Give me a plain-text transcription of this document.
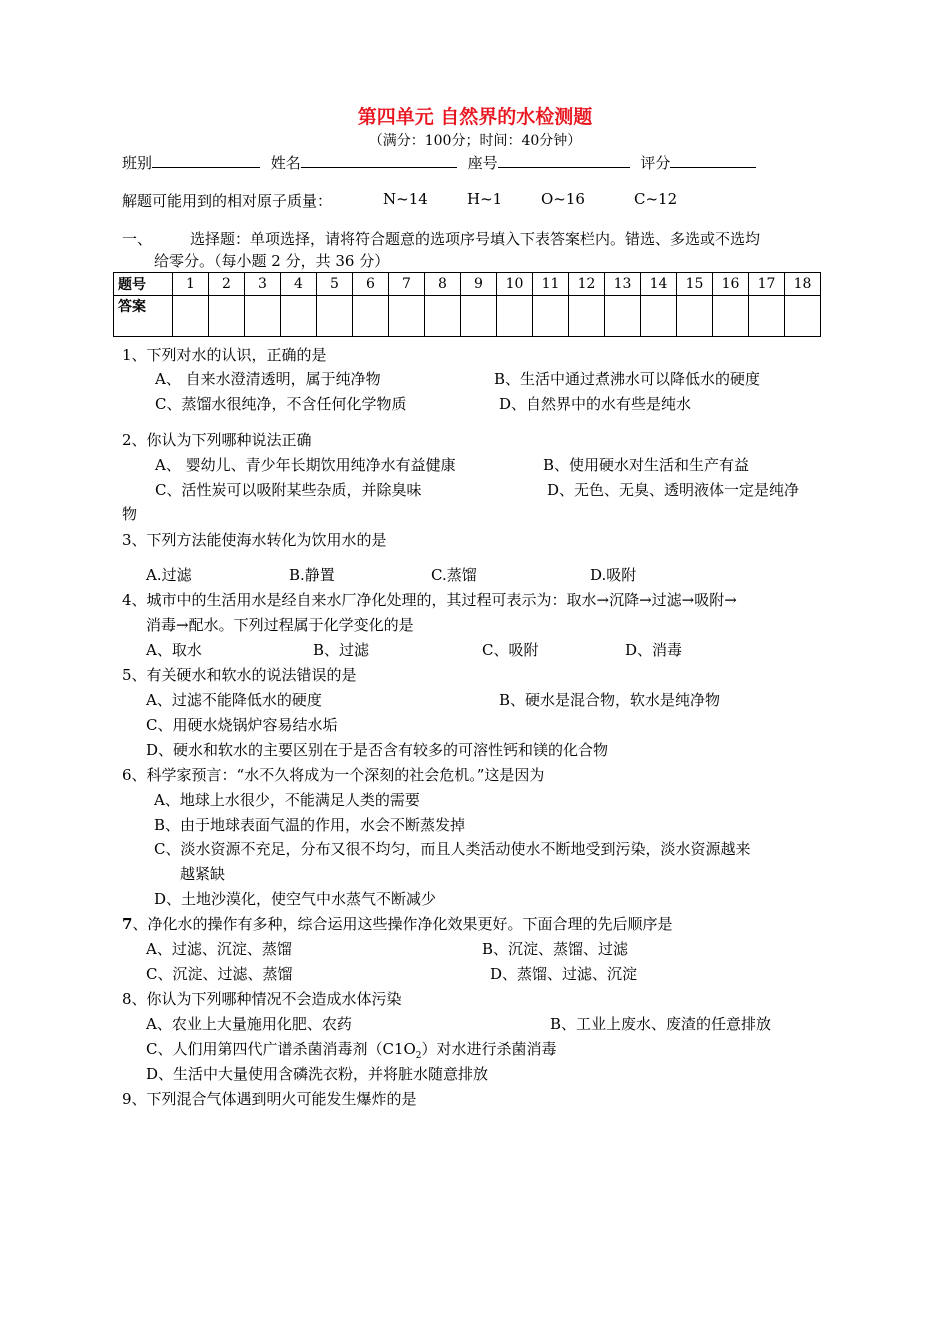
第四单元 自然界的水检测题
（满分：100分；时间：40分钟）
班别	姓名	座号	评分
解题可能用到的相对原子质量：	N~14	H~1	O~16	C~12
一、	选择题：单项选择，请将符合题意的选项序号填入下表答案栏内。错选、多选或不选均
给零分。（每小题 2 分，共 36 分）
题号	1	2	3	4	5	6	7	8	9	10	11	12	13	14	15	16	17	18
答案																		
1、下列对水的认识，正确的是
A、 自来水澄清透明，属于纯净物	B、生活中通过煮沸水可以降低水的硬度
C、蒸馏水很纯净，不含任何化学物质	D、自然界中的水有些是纯水
2、你认为下列哪种说法正确
A、 婴幼儿、青少年长期饮用纯净水有益健康	B、使用硬水对生活和生产有益
C、活性炭可以吸附某些杂质，并除臭味	D、无色、无臭、透明液体一定是纯净
物
3、下列方法能使海水转化为饮用水的是
A.过滤	B.静置	C.蒸馏	D.吸附
4、城市中的生活用水是经自来水厂净化处理的，其过程可表示为：取水→沉降→过滤→吸附→
消毒→配水。下列过程属于化学变化的是
A、取水	B、过滤	C、吸附	D、消毒
5、有关硬水和软水的说法错误的是
A、过滤不能降低水的硬度	B、硬水是混合物，软水是纯净物
C、用硬水烧锅炉容易结水垢
D、硬水和软水的主要区别在于是否含有较多的可溶性钙和镁的化合物
6、科学家预言：“水不久将成为一个深刻的社会危机。”这是因为
A、地球上水很少，不能满足人类的需要
B、由于地球表面气温的作用，水会不断蒸发掉
C、淡水资源不充足，分布又很不均匀，而且人类活动使水不断地受到污染，淡水资源越来
越紧缺
D、土地沙漠化，使空气中水蒸气不断减少
7、净化水的操作有多种，综合运用这些操作净化效果更好。下面合理的先后顺序是
A、过滤、沉淀、蒸馏	B、沉淀、蒸馏、过滤
C、沉淀、过滤、蒸馏	D、蒸馏、过滤、沉淀
8、你认为下列哪种情况不会造成水体污染
A、农业上大量施用化肥、农药	B、工业上废水、废渣的任意排放
C、人们用第四代广谱杀菌消毒剂$(C1O_2)$对水进行杀菌消毒
D、生活中大量使用含磷洗衣粉，并将脏水随意排放
9、下列混合气体遇到明火可能发生爆炸的是
